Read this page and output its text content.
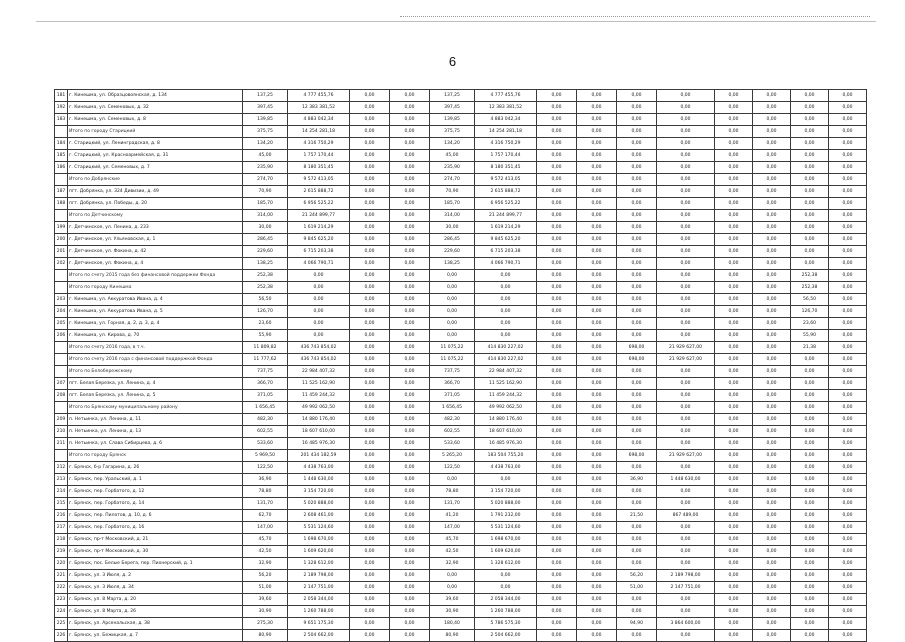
6
181	г. Кинешма, ул. Образцовоянская, д. 134	137,25	4 777 455,76	0,00	0,00	137,25	4 777 455,76	0,00	0,00	0,00	0,00	0,00	0,00	0,00	0,00
192	г. Кинешма, ул. Семеновых, д. 32	397,45	12 383 381,52	0,00	0,00	397,45	12 383 381,52	0,00	0,00	0,00	0,00	0,00	0,00	0,00	0,00
183	г. Кинешма, ул. Семеновых, д. 8	139,85	4 883 042,34	0,00	0,00	139,85	4 883 042,34	0,00	0,00	0,00	0,00	0,00	0,00	0,00	0,00
	Итого по городу Старицкий	375,75	14 254 281,18	0,00	0,00	375,75	14 254 281,18	0,00	0,00	0,00	0,00	0,00	0,00	0,00	0,00
184	г. Старицкий, ул. Ленинградская, д. 8	134,20	4 316 750,29	0,00	0,00	134,20	4 316 750,29	0,00	0,00	0,00	0,00	0,00	0,00	0,00	0,00
185	г. Старицкий, ул. Красноармейская, д. 31	45,00	1 757 170,44	0,00	0,00	45,00	1 757 170,44	0,00	0,00	0,00	0,00	0,00	0,00	0,00	0,00
186	г. Старицкий, ул. Семеновых, д. 7	235,90	8 180 351,45	0,00	0,00	235,90	8 180 351,45	0,00	0,00	0,00	0,00	0,00	0,00	0,00	0,00
	Итого по Добрянские	274,70	9 572 413,05	0,00	0,00	274,70	9 572 413,05	0,00	0,00	0,00	0,00	0,00	0,00	0,00	0,00
187	пгт. Добрянка, ул. 324 Дивизии, д. 49	70,90	2 615 888,72	0,00	0,00	70,90	2 615 888,72	0,00	0,00	0,00	0,00	0,00	0,00	0,00	0,00
188	пгт. Добрянка, ул. Победы, д. 20	185,70	6 956 525,22	0,00	0,00	185,70	6 956 525,22	0,00	0,00	0,00	0,00	0,00	0,00	0,00	0,00
	Итого по Детчинскому	314,00	21 244 899,77	0,00	0,00	314,00	21 244 899,77	0,00	0,00	0,00	0,00	0,00	0,00	0,00	0,00
199	г. Детчинское, ул. Ленина, д. 233	30,00	1 619 214,29	0,00	0,00	30,00	1 619 214,29	0,00	0,00	0,00	0,00	0,00	0,00	0,00	0,00
200	г. Детчинское, ул. Ульяновская, д. 1	286,45	9 845 625,20	0,00	0,00	286,45	9 845 625,20	0,00	0,00	0,00	0,00	0,00	0,00	0,00	0,00
201	г. Детчинское, ул. Фокина, д. 42	229,60	6 715 203,38	0,00	0,00	229,60	6 715 203,38	0,00	0,00	0,00	0,00	0,00	0,00	0,00	0,00
202	г. Детчинское, ул. Фокина, д. 4	138,25	4 066 790,71	0,00	0,00	138,25	4 066 790,71	0,00	0,00	0,00	0,00	0,00	0,00	0,00	0,00
	Итого по счету 2015 года без финансовой поддержки Фонда	252,38	0,00	0,00	0,00	0,00	0,00	0,00	0,00	0,00	0,00	0,00	0,00	252,38	0,00
	Итого по городу Кинешма	252,38	0,00	0,00	0,00	0,00	0,00	0,00	0,00	0,00	0,00	0,00	0,00	252,38	0,00
203	г. Кинешма, ул. Аккуратова Ивана, д. 4	56,50	0,00	0,00	0,00	0,00	0,00	0,00	0,00	0,00	0,00	0,00	0,00	56,50	0,00
204	г. Кинешма, ул. Аккуратова Ивана, д. 5	126,70	0,00	0,00	0,00	0,00	0,00	0,00	0,00	0,00	0,00	0,00	0,00	126,70	0,00
205	г. Кинешма, ул. Горная, д. 2, д. 3, д. 4	23,60	0,00	0,00	0,00	0,00	0,00	0,00	0,00	0,00	0,00	0,00	0,00	23,60	0,00
206	г. Кинешма, ул. Кирова, д. 70	55,90	0,00	0,00	0,00	0,00	0,00	0,00	0,00	0,00	0,00	0,00	0,00	55,90	0,00
	Итого по счету 2016 года, в т.ч.	11 809,82	436 743 854,02	0,00	0,00	11 075,22	414 830 227,02	0,00	0,00	698,00	21 929 627,00	0,00	0,00	21,38	0,00
	Итого по счету 2016 года с финансовой поддержкой Фонда	11 777,62	436 743 854,02	0,00	0,00	11 075,22	414 830 227,02	0,00	0,00	698,00	21 929 627,00	0,00	0,00	0,00	0,00
	Итого по Белобережскому	737,75	22 984 407,32	0,00	0,00	737,75	22 984 407,32	0,00	0,00	0,00	0,00	0,00	0,00	0,00	0,00
207	пгт. Белая Березка, ул. Ленина, д. 4	366,70	11 525 162,90	0,00	0,00	366,70	11 525 162,90	0,00	0,00	0,00	0,00	0,00	0,00	0,00	0,00
208	пгт. Белая Березка, ул. Ленина, д. 5	371,05	11 459 244,32	0,00	0,00	371,05	11 459 244,32	0,00	0,00	0,00	0,00	0,00	0,00	0,00	0,00
	Итого по Брянскому муниципальному району	1 656,45	49 992 062,50	0,00	0,00	1 656,45	49 992 062,50	0,00	0,00	0,00	0,00	0,00	0,00	0,00	0,00
209	п. Нетьинка, ул. Ленина, д. 11	482,30	14 880 176,40	0,00	0,00	482,30	14 880 176,40	0,00	0,00	0,00	0,00	0,00	0,00	0,00	0,00
210	п. Нетьинка, ул. Ленина, д. 13	602,55	18 607 610,00	0,00	0,00	602,55	18 607 610,00	0,00	0,00	0,00	0,00	0,00	0,00	0,00	0,00
211	п. Нетьинка, ул. Слава Сибирцева, д. 6	533,60	16 485 976,30	0,00	0,00	533,60	16 485 976,30	0,00	0,00	0,00	0,00	0,00	0,00	0,00	0,00
	Итого по городу Брянск	5 969,50	201 434 182,59	0,00	0,00	5 265,20	183 504 755,20	0,00	0,00	698,00	21 929 627,00	0,00	0,00	0,00	0,00
212	г. Брянск, б-р Гагарина, д. 26	122,50	4 438 763,00	0,00	0,00	122,50	4 438 763,00	0,00	0,00	0,00	0,00	0,00	0,00	0,00	0,00
213	г. Брянск, пер. Уральский, д. 1	36,90	1 448 630,00	0,00	0,00	0,00	0,00	0,00	0,00	36,90	1 448 630,00	0,00	0,00	0,00	0,00
214	г. Брянск, пер. Горбатого, д. 12	78,80	3 154 720,00	0,00	0,00	78,80	3 154 720,00	0,00	0,00	0,00	0,00	0,00	0,00	0,00	0,00
215	г. Брянск, пер. Горбатого, д. 14	131,70	5 020 888,00	0,00	0,00	131,70	5 020 888,00	0,00	0,00	0,00	0,00	0,00	0,00	0,00	0,00
216	г. Брянск, пер. Пилотов, д. 10, д. 6	62,70	2 608 461,00	0,00	0,00	41,20	1 791 232,00	0,00	0,00	21,50	867 489,00	0,00	0,00	0,00	0,00
217	г. Брянск, пер. Горбатого, д. 16	147,00	5 531 124,60	0,00	0,00	147,00	5 531 124,60	0,00	0,00	0,00	0,00	0,00	0,00	0,00	0,00
218	г. Брянск, пр-т Московский, д. 21	45,70	1 698 670,00	0,00	0,00	45,70	1 698 670,00	0,00	0,00	0,00	0,00	0,00	0,00	0,00	0,00
219	г. Брянск, пр-т Московский, д. 30	42,50	1 609 620,00	0,00	0,00	42,50	1 609 620,00	0,00	0,00	0,00	0,00	0,00	0,00	0,00	0,00
220	г. Брянск, пос. Белые Берега, пер. Пионерский, д. 1	32,90	1 328 612,00	0,00	0,00	32,90	1 328 612,00	0,00	0,00	0,00	0,00	0,00	0,00	0,00	0,00
221	г. Брянск, ул. 3 Июля, д. 2	56,20	2 189 798,00	0,00	0,00	0,00	0,00	0,00	0,00	56,20	2 189 798,00	0,00	0,00	0,00	0,00
222	г. Брянск, ул. 3 Июля, д. 34	51,00	2 147 751,00	0,00	0,00	0,00	0,00	0,00	0,00	51,00	2 147 751,00	0,00	0,00	0,00	0,00
223	г. Брянск, ул. 8 Марта, д. 20	39,60	2 058 344,00	0,00	0,00	39,60	2 058 344,00	0,00	0,00	0,00	0,00	0,00	0,00	0,00	0,00
224	г. Брянск, ул. 8 Марта, д. 26	30,90	1 260 788,00	0,00	0,00	30,90	1 260 788,00	0,00	0,00	0,00	0,00	0,00	0,00	0,00	0,00
225	г. Брянск, ул. Арсенальская, д. 38	275,30	9 651 175,30	0,00	0,00	180,40	5 786 575,30	0,00	0,00	94,90	3 864 600,00	0,00	0,00	0,00	0,00
226	г. Брянск, ул. Бежицкая, д. 7	80,90	2 504 662,00	0,00	0,00	80,90	2 504 662,00	0,00	0,00	0,00	0,00	0,00	0,00	0,00	0,00
